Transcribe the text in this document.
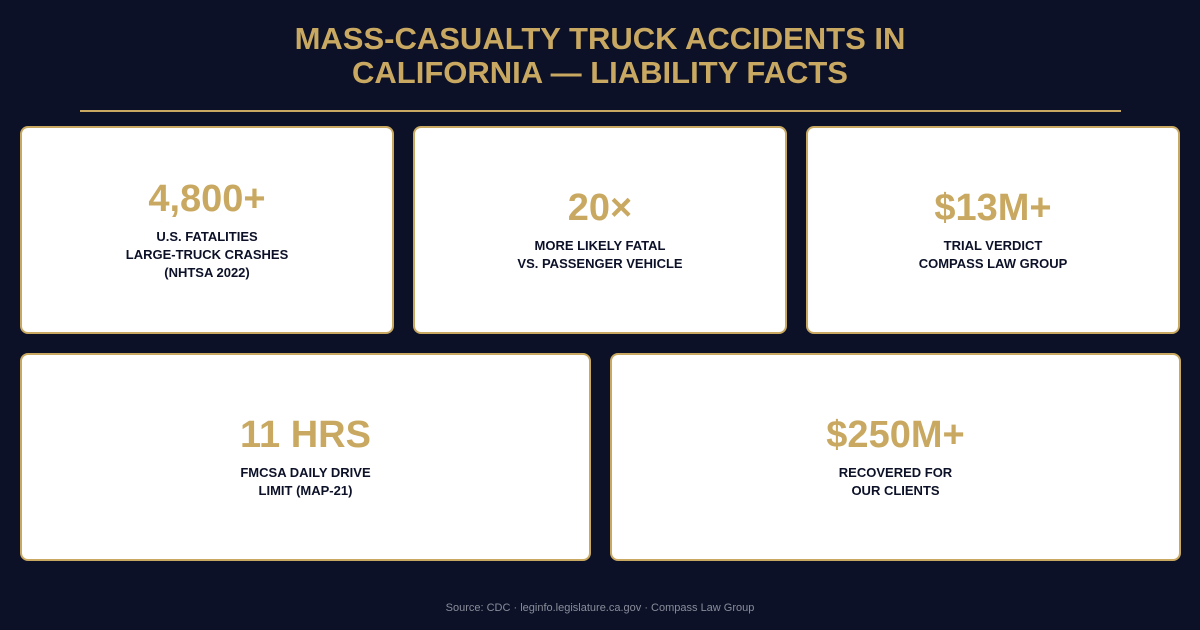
MASS-CASUALTY TRUCK ACCIDENTS IN
CALIFORNIA — LIABILITY FACTS
4,800+
U.S. FATALITIES
LARGE-TRUCK CRASHES
(NHTSA 2022)
20×
MORE LIKELY FATAL
VS. PASSENGER VEHICLE
$13M+
TRIAL VERDICT
COMPASS LAW GROUP
11 HRS
FMCSA DAILY DRIVE
LIMIT (MAP-21)
$250M+
RECOVERED FOR
OUR CLIENTS
Source: CDC · leginfo.legislature.ca.gov · Compass Law Group
